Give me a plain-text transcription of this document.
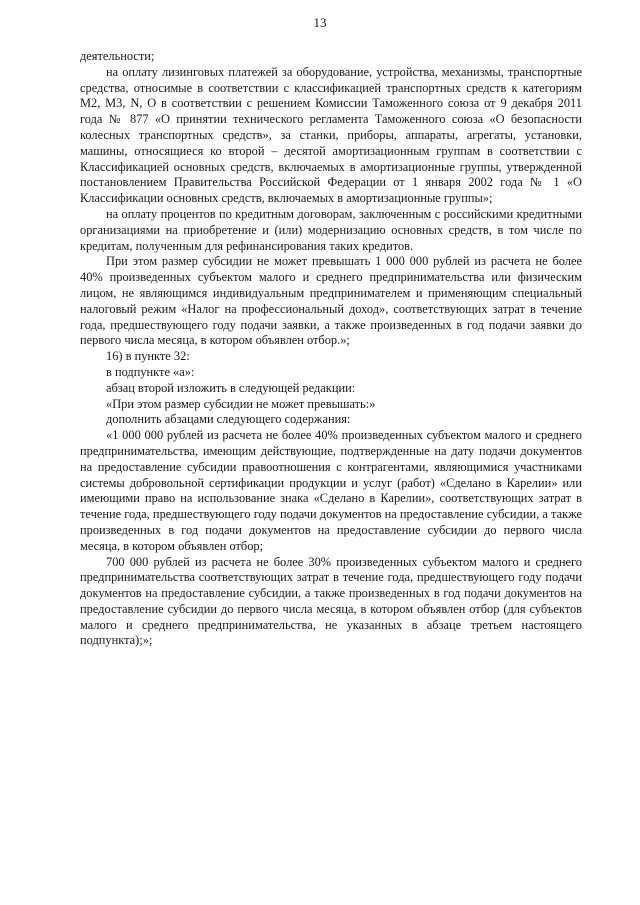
13

деятельности;

на оплату лизинговых платежей за оборудование, устройства, механизмы, транспортные средства, относимые в соответствии с классификацией транспортных средств к категориям М2, М3, N, О в соответствии с решением Комиссии Таможенного союза от 9 декабря 2011 года № 877 «О принятии технического регламента Таможенного союза «О безопасности колесных транспортных средств», за станки, приборы, аппараты, агрегаты, установки, машины, относящиеся ко второй – десятой амортизационным группам в соответствии с Классификацией основных средств, включаемых в амортизационные группы, утвержденной постановлением Правительства Российской Федерации от 1 января 2002 года № 1 «О Классификации основных средств, включаемых в амортизационные группы»;

на оплату процентов по кредитным договорам, заключенным с российскими кредитными организациями на приобретение и (или) модернизацию основных средств, в том числе по кредитам, полученным для рефинансирования таких кредитов.

При этом размер субсидии не может превышать 1 000 000 рублей из расчета не более 40% произведенных субъектом малого и среднего предпринимательства или физическим лицом, не являющимся индивидуальным предпринимателем и применяющим специальный налоговый режим «Налог на профессиональный доход», соответствующих затрат в течение года, предшествующего году подачи заявки, а также произведенных в год подачи заявки до первого числа месяца, в котором объявлен отбор.»;

16) в пункте 32:

в подпункте «а»:

абзац второй изложить в следующей редакции:

«При этом размер субсидии не может превышать:»

дополнить абзацами следующего содержания:

«1 000 000 рублей из расчета не более 40% произведенных субъектом малого и среднего предпринимательства, имеющим действующие, подтвержденные на дату подачи документов на предоставление субсидии правоотношения с контрагентами, являющимися участниками системы добровольной сертификации продукции и услуг (работ) «Сделано в Карелии» или имеющими право на использование знака «Сделано в Карелии», соответствующих затрат в течение года, предшествующего году подачи документов на предоставление субсидии, а также произведенных в год подачи документов на предоставление субсидии до первого числа месяца, в котором объявлен отбор;

700 000 рублей из расчета не более 30% произведенных субъектом малого и среднего предпринимательства соответствующих затрат в течение года, предшествующего году подачи документов на предоставление субсидии, а также произведенных в год подачи документов на предоставление субсидии до первого числа месяца, в котором объявлен отбор (для субъектов малого и среднего предпринимательства, не указанных в абзаце третьем настоящего подпункта);»;
